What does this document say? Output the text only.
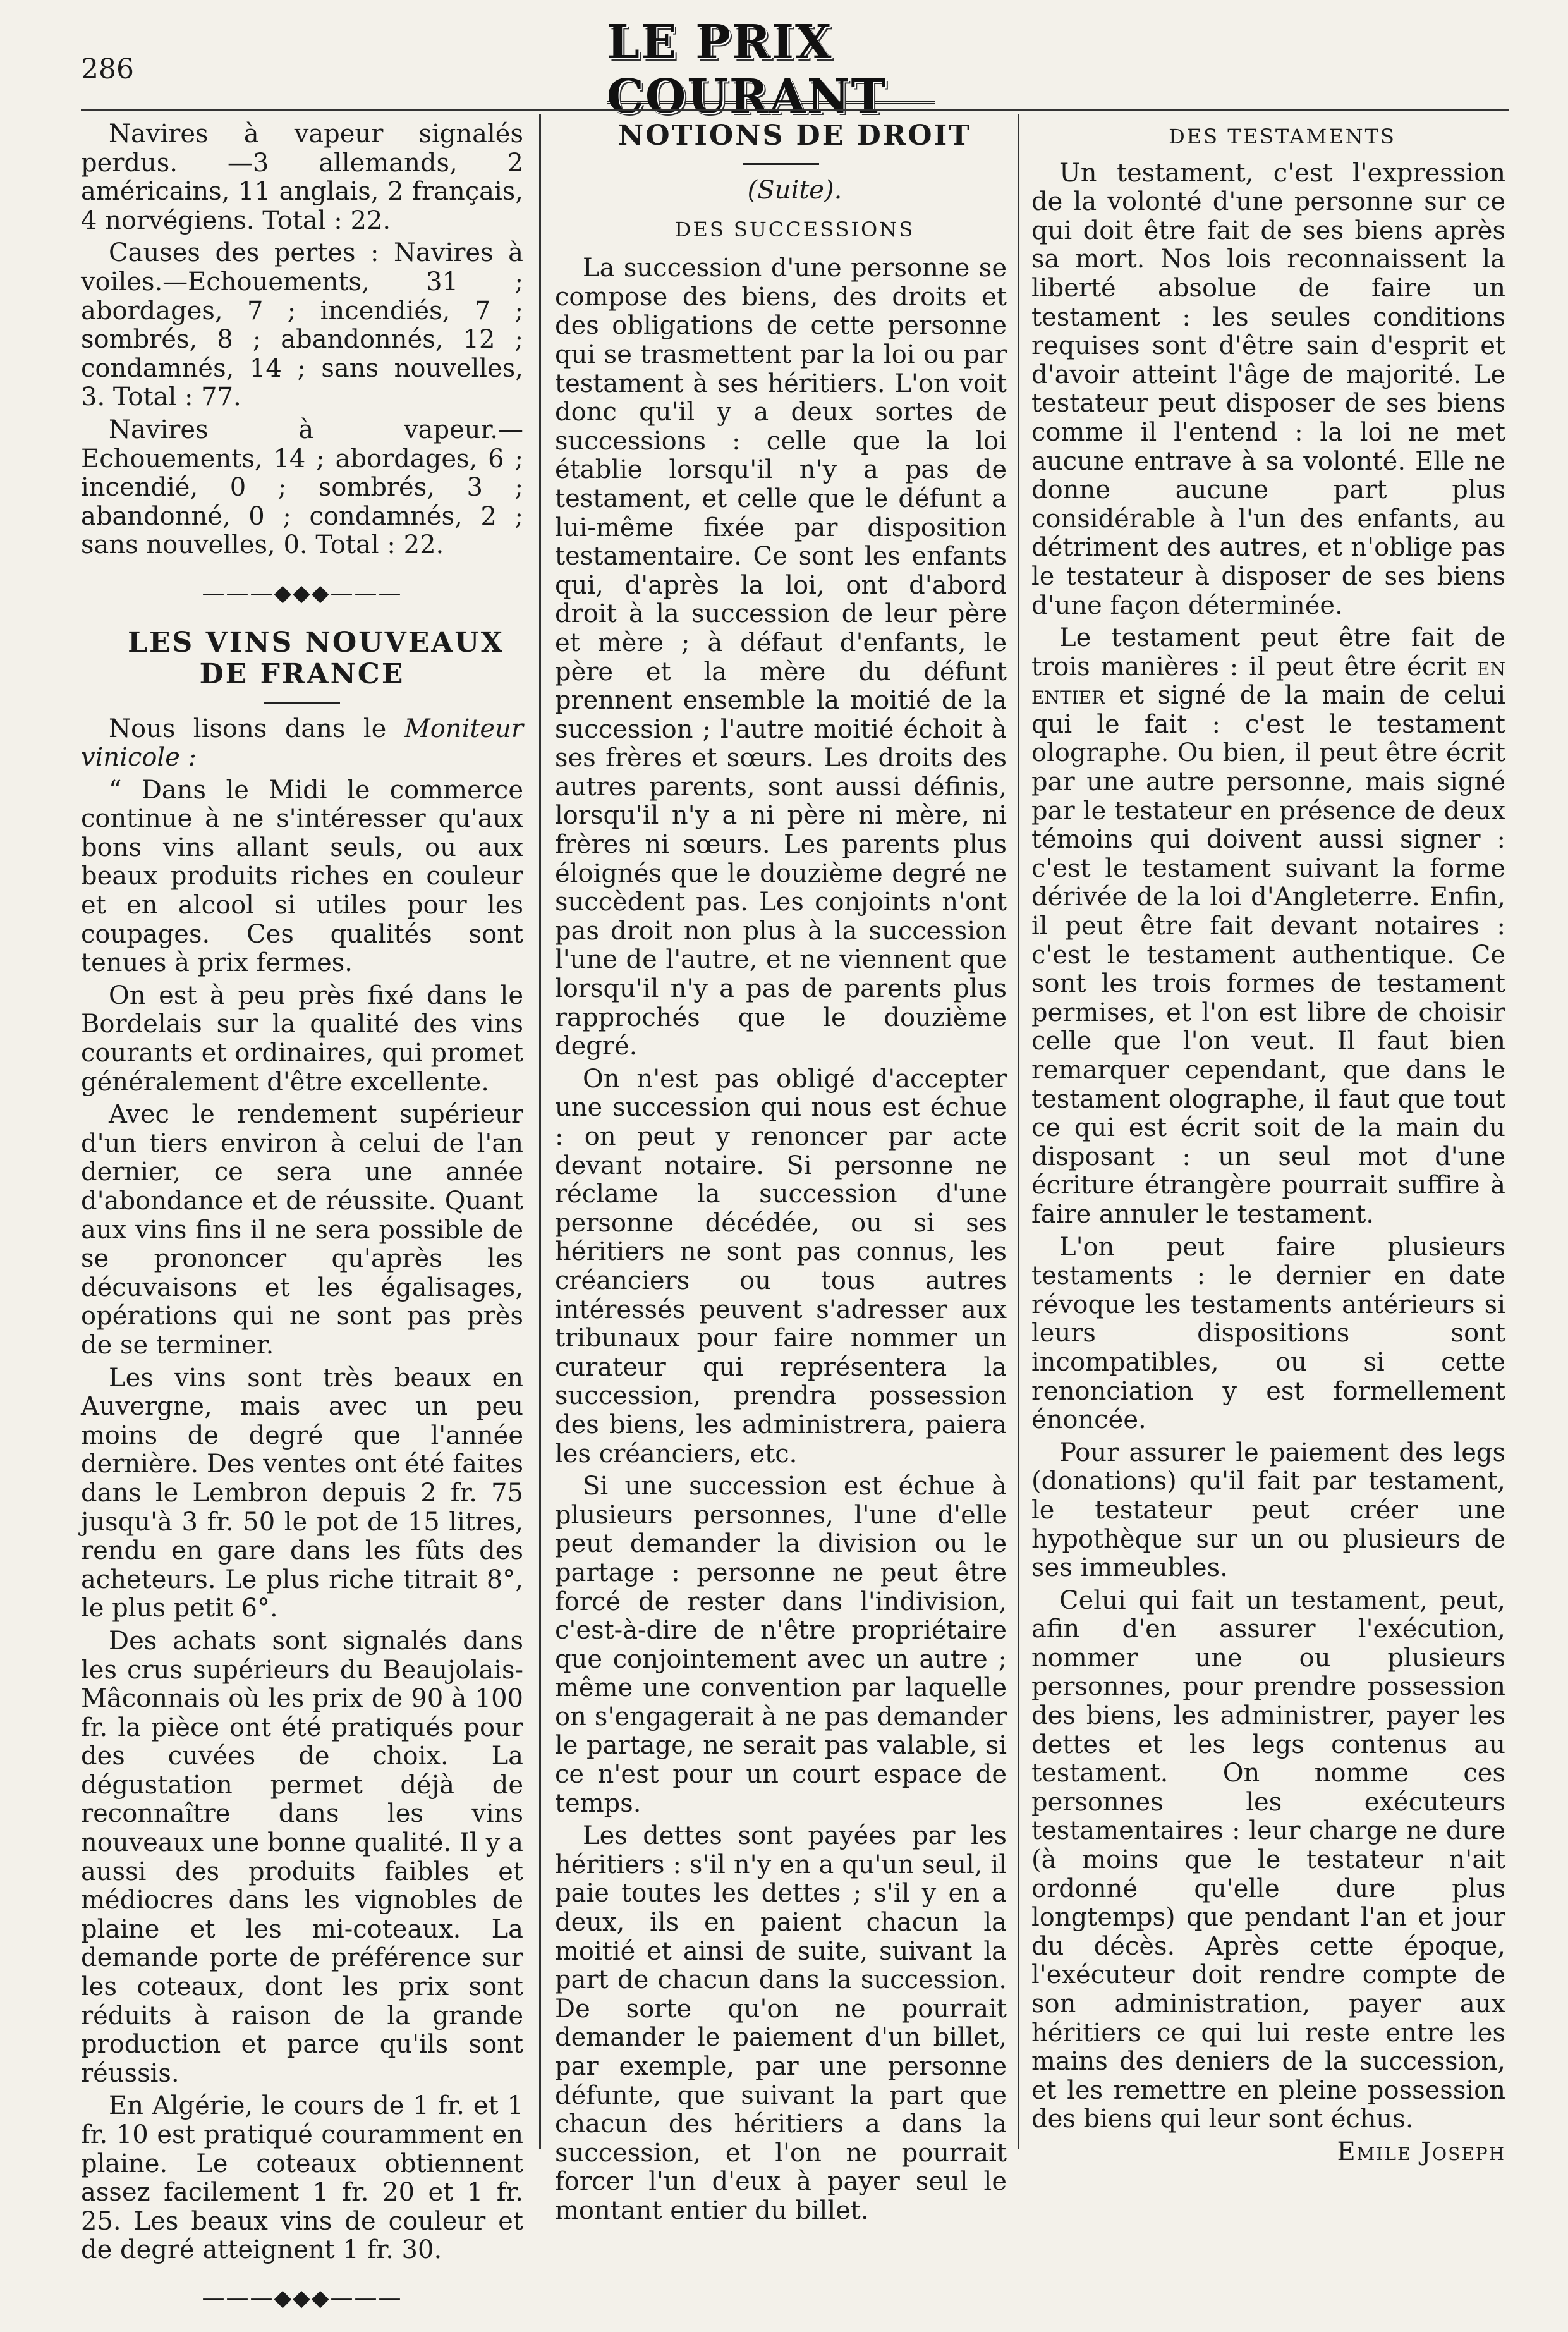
286	LE PRIX COURANT

Navires à vapeur signalés perdus. —3 allemands, 2 américains, 11 anglais, 2 français, 4 norvégiens. Total : 22.

Causes des pertes : Navires à voiles.—Echouements, 31 ; abordages, 7 ; incendiés, 7 ; sombrés, 8 ; abandonnés, 12 ; condamnés, 14 ; sans nouvelles, 3. Total : 77.

Navires à vapeur.—Echouements, 14 ; abordages, 6 ; incendié, 0 ; sombrés, 3 ; abandonné, 0 ; condamnés, 2 ; sans nouvelles, 0. Total : 22.

———◆◆◆———

LES VINS NOUVEAUX DE FRANCE

Nous lisons dans le Moniteur vinicole :

“ Dans le Midi le commerce continue à ne s'intéresser qu'aux bons vins allant seuls, ou aux beaux produits riches en couleur et en alcool si utiles pour les coupages. Ces qualités sont tenues à prix fermes.

On est à peu près fixé dans le Bordelais sur la qualité des vins courants et ordinaires, qui promet généralement d'être excellente.

Avec le rendement supérieur d'un tiers environ à celui de l'an dernier, ce sera une année d'abondance et de réussite. Quant aux vins fins il ne sera possible de se prononcer qu'après les décuvaisons et les égalisages, opérations qui ne sont pas près de se terminer.

Les vins sont très beaux en Auvergne, mais avec un peu moins de degré que l'année dernière. Des ventes ont été faites dans le Lembron depuis 2 fr. 75 jusqu'à 3 fr. 50 le pot de 15 litres, rendu en gare dans les fûts des acheteurs. Le plus riche titrait 8°, le plus petit 6°.

Des achats sont signalés dans les crus supérieurs du Beaujolais-Mâconnais où les prix de 90 à 100 fr. la pièce ont été pratiqués pour des cuvées de choix. La dégustation permet déjà de reconnaître dans les vins nouveaux une bonne qualité. Il y a aussi des produits faibles et médiocres dans les vignobles de plaine et les mi-coteaux. La demande porte de préférence sur les coteaux, dont les prix sont réduits à raison de la grande production et parce qu'ils sont réussis.

En Algérie, le cours de 1 fr. et 1 fr. 10 est pratiqué couramment en plaine. Le coteaux obtiennent assez facilement 1 fr. 20 et 1 fr. 25. Les beaux vins de couleur et de degré atteignent 1 fr. 30.

———◆◆◆———

NOTIONS DE DROIT

(Suite).

DES SUCCESSIONS

La succession d'une personne se compose des biens, des droits et des obligations de cette personne qui se trasmettent par la loi ou par testament à ses héritiers. L'on voit donc qu'il y a deux sortes de successions : celle que la loi établie lorsqu'il n'y a pas de testament, et celle que le défunt a lui-même fixée par disposition testamentaire. Ce sont les enfants qui, d'après la loi, ont d'abord droit à la succession de leur père et mère ; à défaut d'enfants, le père et la mère du défunt prennent ensemble la moitié de la succession ; l'autre moitié échoit à ses frères et sœurs. Les droits des autres parents, sont aussi définis, lorsqu'il n'y a ni père ni mère, ni frères ni sœurs. Les parents plus éloignés que le douzième degré ne succèdent pas. Les conjoints n'ont pas droit non plus à la succession l'une de l'autre, et ne viennent que lorsqu'il n'y a pas de parents plus rapprochés que le douzième degré.

On n'est pas obligé d'accepter une succession qui nous est échue : on peut y renoncer par acte devant notaire. Si personne ne réclame la succession d'une personne décédée, ou si ses héritiers ne sont pas connus, les créanciers ou tous autres intéressés peuvent s'adresser aux tribunaux pour faire nommer un curateur qui représentera la succession, prendra possession des biens, les administrera, paiera les créanciers, etc.

Si une succession est échue à plusieurs personnes, l'une d'elle peut demander la division ou le partage : personne ne peut être forcé de rester dans l'indivision, c'est-à-dire de n'être propriétaire que conjointement avec un autre ; même une convention par laquelle on s'engagerait à ne pas demander le partage, ne serait pas valable, si ce n'est pour un court espace de temps.

Les dettes sont payées par les héritiers : s'il n'y en a qu'un seul, il paie toutes les dettes ; s'il y en a deux, ils en paient chacun la moitié et ainsi de suite, suivant la part de chacun dans la succession. De sorte qu'on ne pourrait demander le paiement d'un billet, par exemple, par une personne défunte, que suivant la part que chacun des héritiers a dans la succession, et l'on ne pourrait forcer l'un d'eux à payer seul le montant entier du billet.

DES TESTAMENTS

Un testament, c'est l'expression de la volonté d'une personne sur ce qui doit être fait de ses biens après sa mort. Nos lois reconnaissent la liberté absolue de faire un testament : les seules conditions requises sont d'être sain d'esprit et d'avoir atteint l'âge de majorité. Le testateur peut disposer de ses biens comme il l'entend : la loi ne met aucune entrave à sa volonté. Elle ne donne aucune part plus considérable à l'un des enfants, au détriment des autres, et n'oblige pas le testateur à disposer de ses biens d'une façon déterminée.

Le testament peut être fait de trois manières : il peut être écrit en entier et signé de la main de celui qui le fait : c'est le testament olographe. Ou bien, il peut être écrit par une autre personne, mais signé par le testateur en présence de deux témoins qui doivent aussi signer : c'est le testament suivant la forme dérivée de la loi d'Angleterre. Enfin, il peut être fait devant notaires : c'est le testament authentique. Ce sont les trois formes de testament permises, et l'on est libre de choisir celle que l'on veut. Il faut bien remarquer cependant, que dans le testament olographe, il faut que tout ce qui est écrit soit de la main du disposant : un seul mot d'une écriture étrangère pourrait suffire à faire annuler le testament.

L'on peut faire plusieurs testaments : le dernier en date révoque les testaments antérieurs si leurs dispositions sont incompatibles, ou si cette renonciation y est formellement énoncée.

Pour assurer le paiement des legs (donations) qu'il fait par testament, le testateur peut créer une hypothèque sur un ou plusieurs de ses immeubles.

Celui qui fait un testament, peut, afin d'en assurer l'exécution, nommer une ou plusieurs personnes, pour prendre possession des biens, les administrer, payer les dettes et les legs contenus au testament. On nomme ces personnes les exécuteurs testamentaires : leur charge ne dure (à moins que le testateur n'ait ordonné qu'elle dure plus longtemps) que pendant l'an et jour du décès. Après cette époque, l'exécuteur doit rendre compte de son administration, payer aux héritiers ce qui lui reste entre les mains des deniers de la succession, et les remettre en pleine possession des biens qui leur sont échus.

Emile Joseph
